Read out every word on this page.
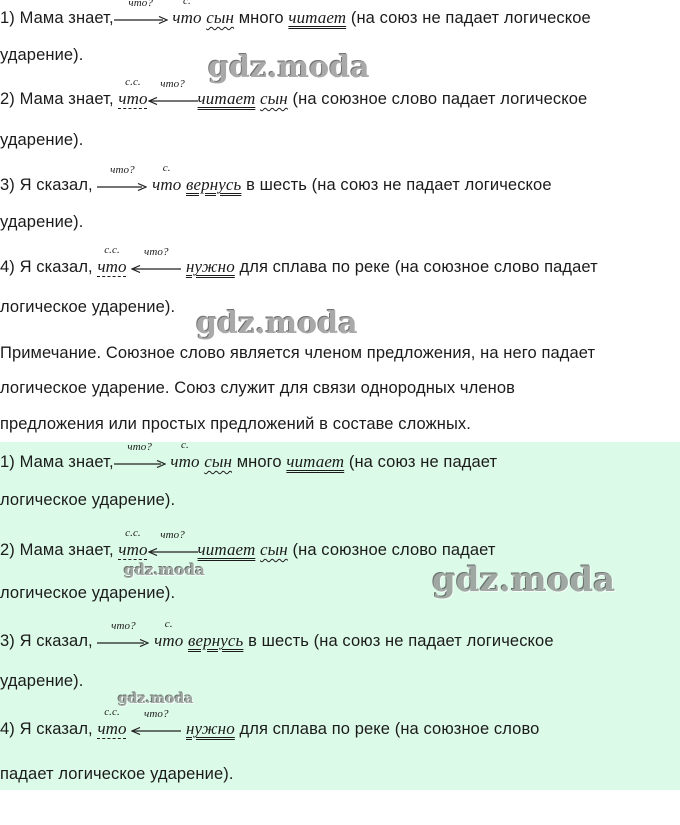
1) Мама знает,
что?
	с.
что сын много читает (на союз не падает логическое
ударение).
2) Мама знает,
с.с.
что
что?
читает сын (на союзное слово падает логическое
ударение).
3) Я сказал,
что?
	с.
что вернусь в шесть (на союз не падает логическое
ударение).
4) Я сказал,
с.с.
что
что?
нужно для сплава по реке (на союзное слово падает
логическое ударение).
Примечание. Союзное слово является членом предложения, на него падает
логическое ударение. Союз служит для связи однородных членов
предложения или простых предложений в составе сложных.
1) Мама знает,
что?
	с.
что сын много читает (на союз не падает
логическое ударение).
2) Мама знает,
с.с.
что
что?
читает сын (на союзное слово падает
логическое ударение).
3) Я сказал,
что?
	с.
что вернусь в шесть (на союз не падает логическое
ударение).
4) Я сказал,
с.с.
что
что?
нужно для сплава по реке (на союзное слово
падает логическое ударение).
gdz.moda
gdz.moda
gdz.moda	gdz.moda
gdz.moda
